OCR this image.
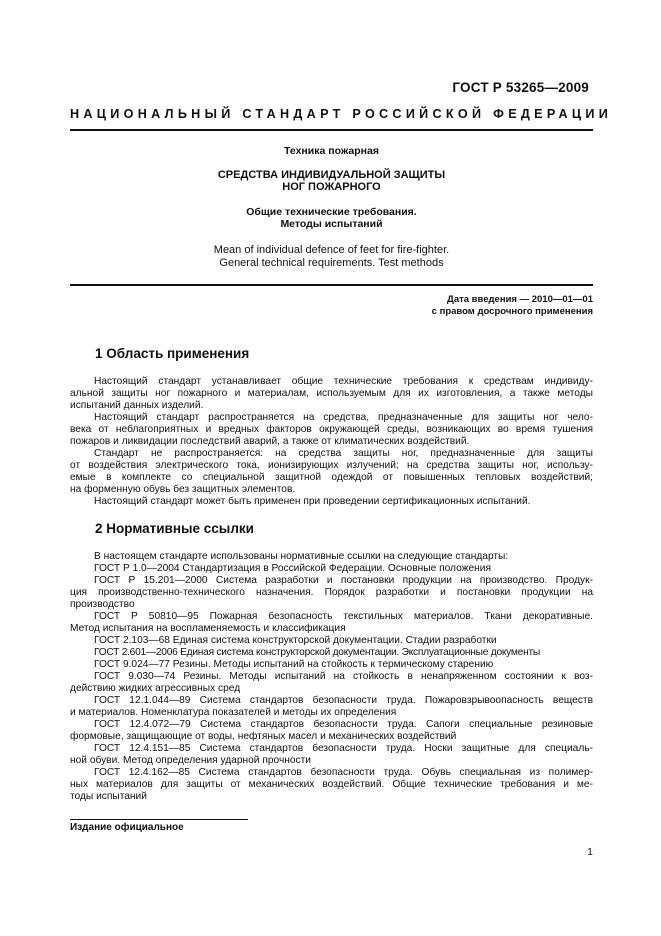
ГОСТ Р 53265—2009
НАЦИОНАЛЬНЫЙ СТАНДАРТ РОССИЙСКОЙ ФЕДЕРАЦИИ
Техника пожарная
СРЕДСТВА ИНДИВИДУАЛЬНОЙ ЗАЩИТЫ
НОГ ПОЖАРНОГО
Общие технические требования.
Методы испытаний
Mean of individual defence of feet for fire-fighter.
General technical requirements. Test methods
Дата введения — 2010—01—01
с правом досрочного применения
1 Область применения
Настоящий стандарт устанавливает общие технические требования к средствам индивиду-
альной защиты ног пожарного и материалам, используемым для их изготовления, а также методы
испытаний данных изделий.
Настоящий стандарт распространяется на средства, предназначенные для защиты ног чело-
века от неблагоприятных и вредных факторов окружающей среды, возникающих во время тушения
пожаров и ликвидации последствий аварий, а также от климатических воздействий.
Стандарт не распространяется: на средства защиты ног, предназначенные для защиты
от воздействия электрического тока, ионизирующих излучений; на средства защиты ног, использу-
емые в комплекте со специальной защитной одеждой от повышенных тепловых воздействий;
на форменную обувь без защитных элементов.
Настоящий стандарт может быть применен при проведении сертификационных испытаний.
2 Нормативные ссылки
В настоящем стандарте использованы нормативные ссылки на следующие стандарты:
ГОСТ Р 1.0—2004 Стандартизация в Российской Федерации. Основные положения
ГОСТ Р 15.201—2000 Система разработки и постановки продукции на производство. Продук-
ция производственно-технического назначения. Порядок разработки и постановки продукции на
производство
ГОСТ Р 50810—95 Пожарная безопасность текстильных материалов. Ткани декоративные.
Метод испытания на воспламеняемость и классификация
ГОСТ 2.103—68 Единая система конструкторской документации. Стадии разработки
ГОСТ 2.601—2006 Единая система конструкторской документации. Эксплуатационные документы
ГОСТ 9.024—77 Резины. Методы испытаний на стойкость к термическому старению
ГОСТ 9.030—74 Резины. Методы испытаний на стойкость в ненапряженном состоянии к воз-
действию жидких агрессивных сред
ГОСТ 12.1.044—89 Система стандартов безопасности труда. Пожаровзрывоопасность веществ
и материалов. Номенклатура показателей и методы их определения
ГОСТ 12.4.072—79 Система стандартов безопасности труда. Сапоги специальные резиновые
формовые, защищающие от воды, нефтяных масел и механических воздействий
ГОСТ 12.4.151—85 Система стандартов безопасности труда. Носки защитные для специаль-
ной обуви. Метод определения ударной прочности
ГОСТ 12.4.162—85 Система стандартов безопасности труда. Обувь специальная из полимер-
ных материалов для защиты от механических воздействий. Общие технические требования и ме-
тоды испытаний
Издание официальное
1
